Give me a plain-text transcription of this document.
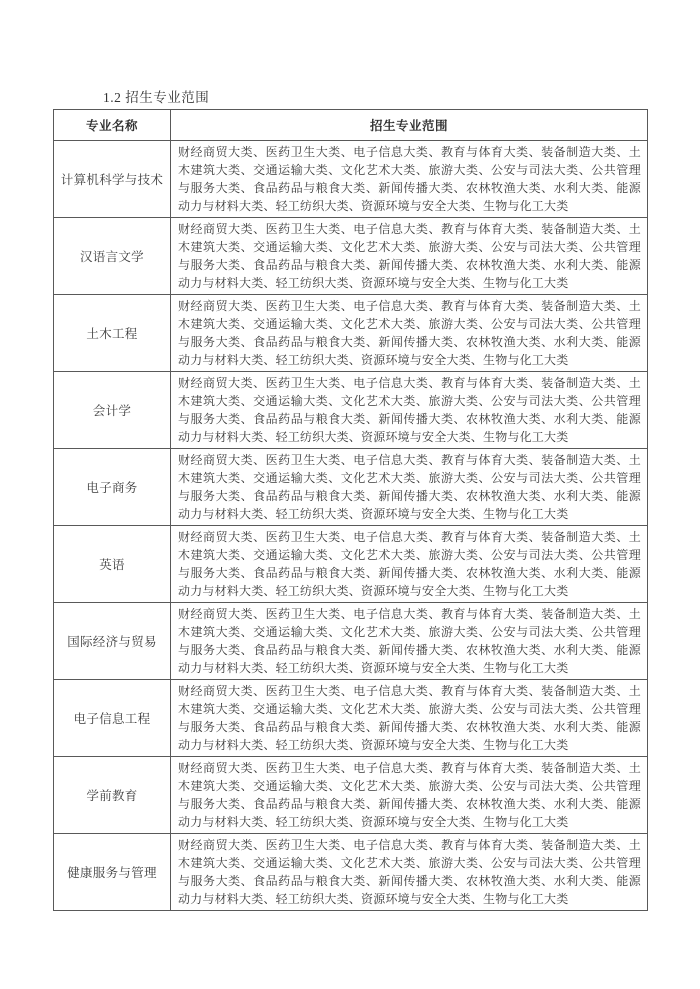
1.2 招生专业范围
专业名称	招生专业范围
计算机科学与技术	财经商贸大类、医药卫生大类、电子信息大类、教育与体育大类、装备制造大类、土木建筑大类、交通运输大类、文化艺术大类、旅游大类、公安与司法大类、公共管理与服务大类、食品药品与粮食大类、新闻传播大类、农林牧渔大类、水利大类、能源动力与材料大类、轻工纺织大类、资源环境与安全大类、生物与化工大类
汉语言文学	财经商贸大类、医药卫生大类、电子信息大类、教育与体育大类、装备制造大类、土木建筑大类、交通运输大类、文化艺术大类、旅游大类、公安与司法大类、公共管理与服务大类、食品药品与粮食大类、新闻传播大类、农林牧渔大类、水利大类、能源动力与材料大类、轻工纺织大类、资源环境与安全大类、生物与化工大类
土木工程	财经商贸大类、医药卫生大类、电子信息大类、教育与体育大类、装备制造大类、土木建筑大类、交通运输大类、文化艺术大类、旅游大类、公安与司法大类、公共管理与服务大类、食品药品与粮食大类、新闻传播大类、农林牧渔大类、水利大类、能源动力与材料大类、轻工纺织大类、资源环境与安全大类、生物与化工大类
会计学	财经商贸大类、医药卫生大类、电子信息大类、教育与体育大类、装备制造大类、土木建筑大类、交通运输大类、文化艺术大类、旅游大类、公安与司法大类、公共管理与服务大类、食品药品与粮食大类、新闻传播大类、农林牧渔大类、水利大类、能源动力与材料大类、轻工纺织大类、资源环境与安全大类、生物与化工大类
电子商务	财经商贸大类、医药卫生大类、电子信息大类、教育与体育大类、装备制造大类、土木建筑大类、交通运输大类、文化艺术大类、旅游大类、公安与司法大类、公共管理与服务大类、食品药品与粮食大类、新闻传播大类、农林牧渔大类、水利大类、能源动力与材料大类、轻工纺织大类、资源环境与安全大类、生物与化工大类
英语	财经商贸大类、医药卫生大类、电子信息大类、教育与体育大类、装备制造大类、土木建筑大类、交通运输大类、文化艺术大类、旅游大类、公安与司法大类、公共管理与服务大类、食品药品与粮食大类、新闻传播大类、农林牧渔大类、水利大类、能源动力与材料大类、轻工纺织大类、资源环境与安全大类、生物与化工大类
国际经济与贸易	财经商贸大类、医药卫生大类、电子信息大类、教育与体育大类、装备制造大类、土木建筑大类、交通运输大类、文化艺术大类、旅游大类、公安与司法大类、公共管理与服务大类、食品药品与粮食大类、新闻传播大类、农林牧渔大类、水利大类、能源动力与材料大类、轻工纺织大类、资源环境与安全大类、生物与化工大类
电子信息工程	财经商贸大类、医药卫生大类、电子信息大类、教育与体育大类、装备制造大类、土木建筑大类、交通运输大类、文化艺术大类、旅游大类、公安与司法大类、公共管理与服务大类、食品药品与粮食大类、新闻传播大类、农林牧渔大类、水利大类、能源动力与材料大类、轻工纺织大类、资源环境与安全大类、生物与化工大类
学前教育	财经商贸大类、医药卫生大类、电子信息大类、教育与体育大类、装备制造大类、土木建筑大类、交通运输大类、文化艺术大类、旅游大类、公安与司法大类、公共管理与服务大类、食品药品与粮食大类、新闻传播大类、农林牧渔大类、水利大类、能源动力与材料大类、轻工纺织大类、资源环境与安全大类、生物与化工大类
健康服务与管理	财经商贸大类、医药卫生大类、电子信息大类、教育与体育大类、装备制造大类、土木建筑大类、交通运输大类、文化艺术大类、旅游大类、公安与司法大类、公共管理与服务大类、食品药品与粮食大类、新闻传播大类、农林牧渔大类、水利大类、能源动力与材料大类、轻工纺织大类、资源环境与安全大类、生物与化工大类
